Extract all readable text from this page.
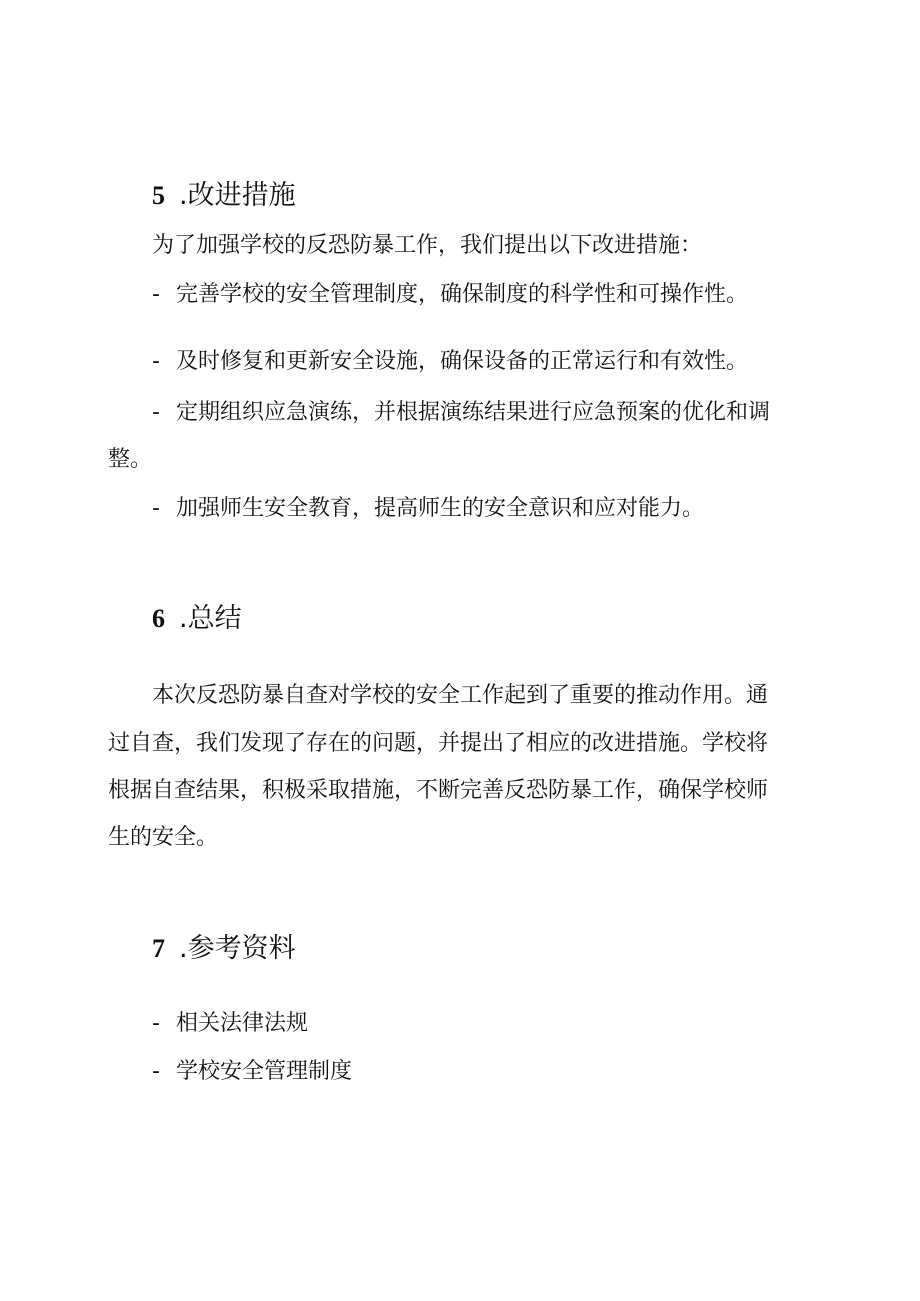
5 .改进措施

为了加强学校的反恐防暴工作，我们提出以下改进措施：

- 完善学校的安全管理制度，确保制度的科学性和可操作性。

- 及时修复和更新安全设施，确保设备的正常运行和有效性。

- 定期组织应急演练，并根据演练结果进行应急预案的优化和调

整。

- 加强师生安全教育，提高师生的安全意识和应对能力。

6 .总结

本次反恐防暴自查对学校的安全工作起到了重要的推动作用。通

过自查，我们发现了存在的问题，并提出了相应的改进措施。学校将

根据自查结果，积极采取措施，不断完善反恐防暴工作，确保学校师

生的安全。

7 .参考资料

- 相关法律法规

- 学校安全管理制度
